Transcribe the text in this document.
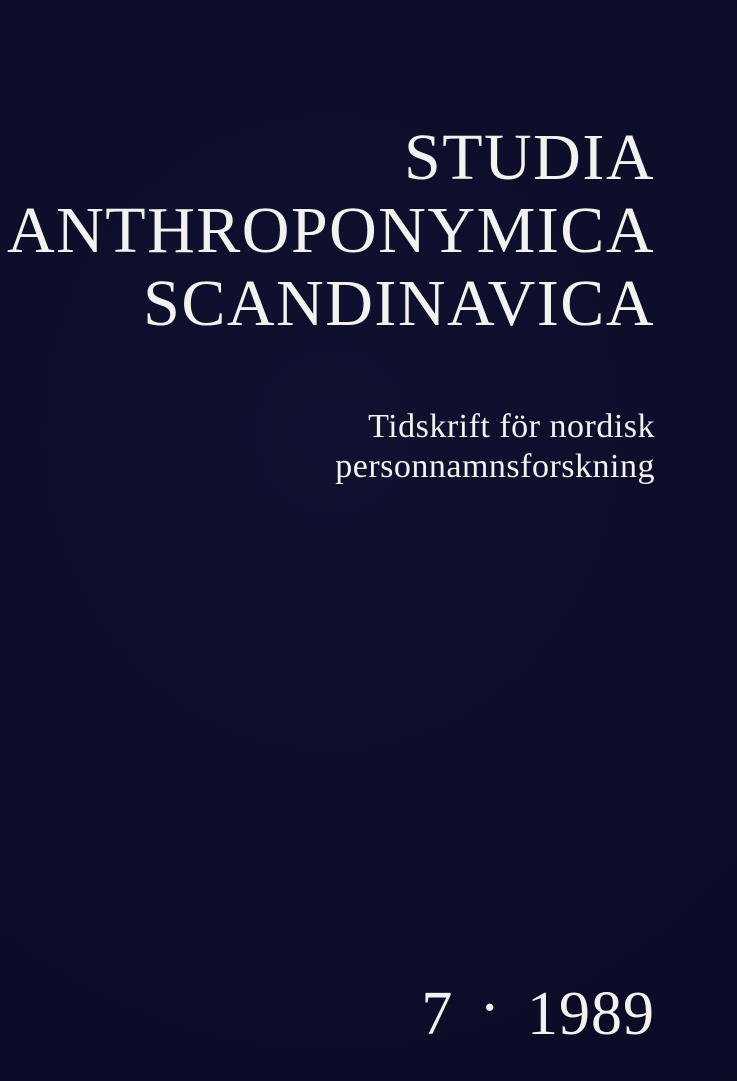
STUDIA
ANTHROPONYMICA
SCANDINAVICA
Tidskrift för nordisk
personnamnsforskning
7 · 1989
